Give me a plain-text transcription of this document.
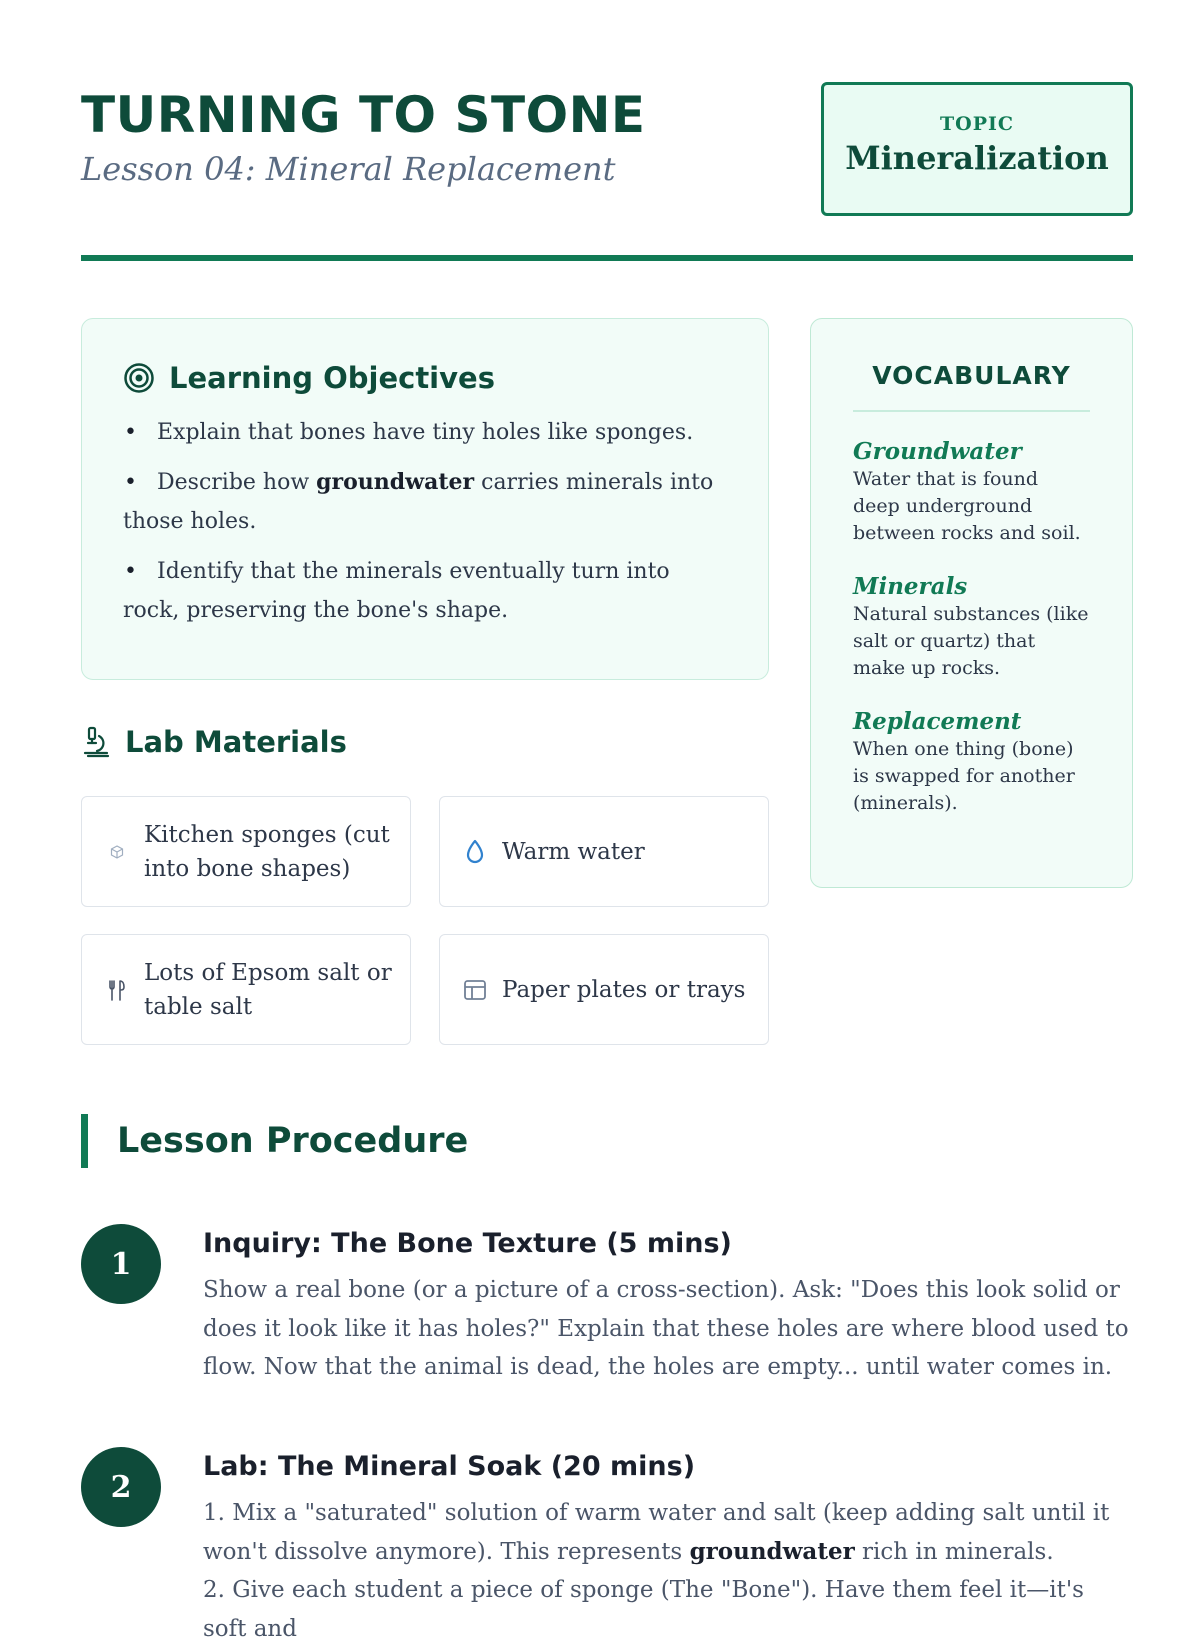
TURNING TO STONE
Lesson 04: Mineral Replacement
TOPIC
Mineralization
Learning Objectives
• Explain that bones have tiny holes like sponges.
• Describe how groundwater carries minerals into those holes.
• Identify that the minerals eventually turn into rock, preserving the bone's shape.
Lab Materials
Kitchen sponges (cut into bone shapes)
Warm water
Lots of Epsom salt or table salt
Paper plates or trays
VOCABULARY
Groundwater
Water that is found deep underground between rocks and soil.
Minerals
Natural substances (like salt or quartz) that make up rocks.
Replacement
When one thing (bone) is swapped for another (minerals).
Lesson Procedure
1
Inquiry: The Bone Texture (5 mins)
Show a real bone (or a picture of a cross-section). Ask: "Does this look solid or does it look like it has holes?" Explain that these holes are where blood used to flow. Now that the animal is dead, the holes are empty... until water comes in.
2
Lab: The Mineral Soak (20 mins)
1. Mix a "saturated" solution of warm water and salt (keep adding salt until it won't dissolve anymore). This represents groundwater rich in minerals.
2. Give each student a piece of sponge (The "Bone"). Have them feel it—it's soft and
